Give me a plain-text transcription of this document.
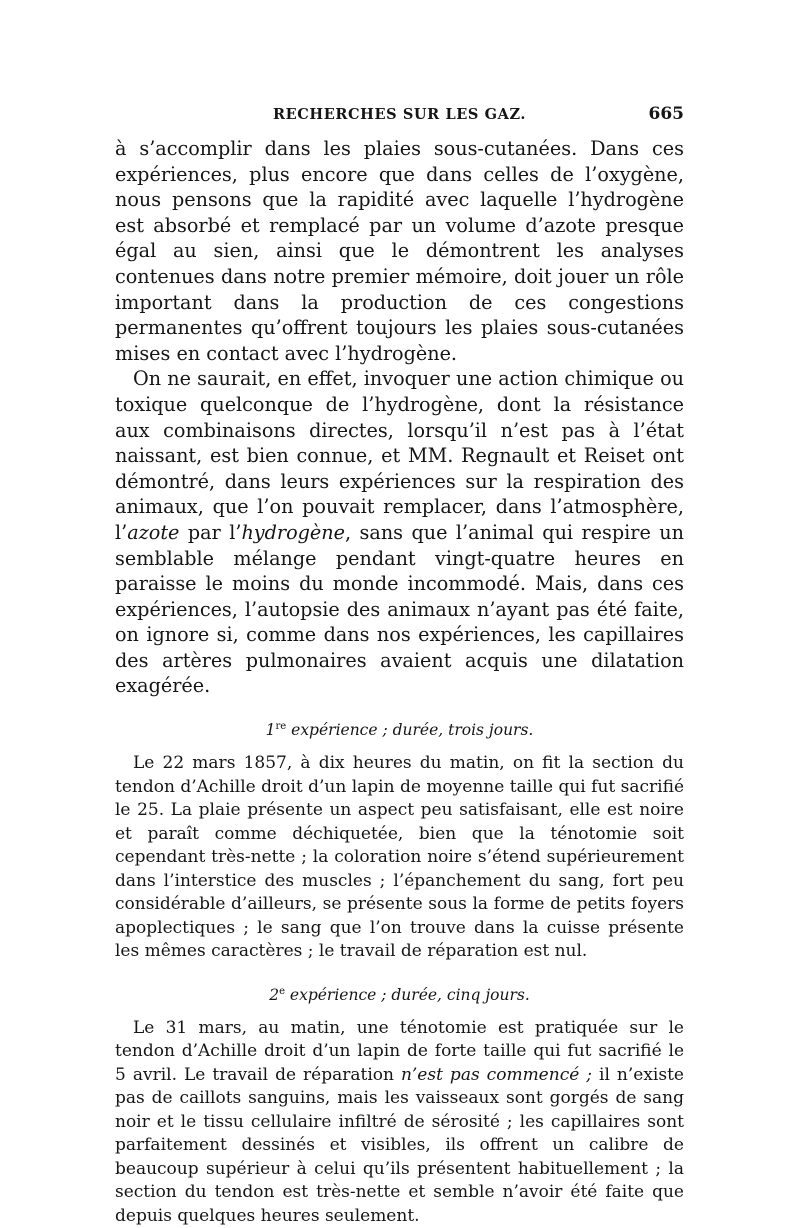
RECHERCHES SUR LES GAZ.	665

à s’accomplir dans les plaies sous-cutanées. Dans ces expériences, plus encore que dans celles de l’oxygène, nous pensons que la rapidité avec laquelle l’hydrogène est absorbé et remplacé par un volume d’azote presque égal au sien, ainsi que le démontrent les analyses contenues dans notre premier mémoire, doit jouer un rôle important dans la production de ces congestions permanentes qu’offrent toujours les plaies sous-cutanées mises en contact avec l’hydrogène.

On ne saurait, en effet, invoquer une action chimique ou toxique quelconque de l’hydrogène, dont la résistance aux combinaisons directes, lorsqu’il n’est pas à l’état naissant, est bien connue, et MM. Regnault et Reiset ont démontré, dans leurs expériences sur la respiration des animaux, que l’on pouvait remplacer, dans l’atmosphère, l’azote par l’hydrogène, sans que l’animal qui respire un semblable mélange pendant vingt-quatre heures en paraisse le moins du monde incommodé. Mais, dans ces expériences, l’autopsie des animaux n’ayant pas été faite, on ignore si, comme dans nos expériences, les capillaires des artères pulmonaires avaient acquis une dilatation exagérée.

1re expérience ; durée, trois jours.

Le 22 mars 1857, à dix heures du matin, on fit la section du tendon d’Achille droit d’un lapin de moyenne taille qui fut sacrifié le 25. La plaie présente un aspect peu satisfaisant, elle est noire et paraît comme déchiquetée, bien que la ténotomie soit cependant très-nette ; la coloration noire s’étend supérieurement dans l’interstice des muscles ; l’épanchement du sang, fort peu considérable d’ailleurs, se présente sous la forme de petits foyers apoplectiques ; le sang que l’on trouve dans la cuisse présente les mêmes caractères ; le travail de réparation est nul.

2e expérience ; durée, cinq jours.

Le 31 mars, au matin, une ténotomie est pratiquée sur le tendon d’Achille droit d’un lapin de forte taille qui fut sacrifié le 5 avril. Le travail de réparation n’est pas commencé ; il n’existe pas de caillots sanguins, mais les vaisseaux sont gorgés de sang noir et le tissu cellulaire infiltré de sérosité ; les capillaires sont parfaitement dessinés et visibles, ils offrent un calibre de beaucoup supérieur à celui qu’ils présentent habituellement ; la section du tendon est très-nette et semble n’avoir été faite que depuis quelques heures seulement.
